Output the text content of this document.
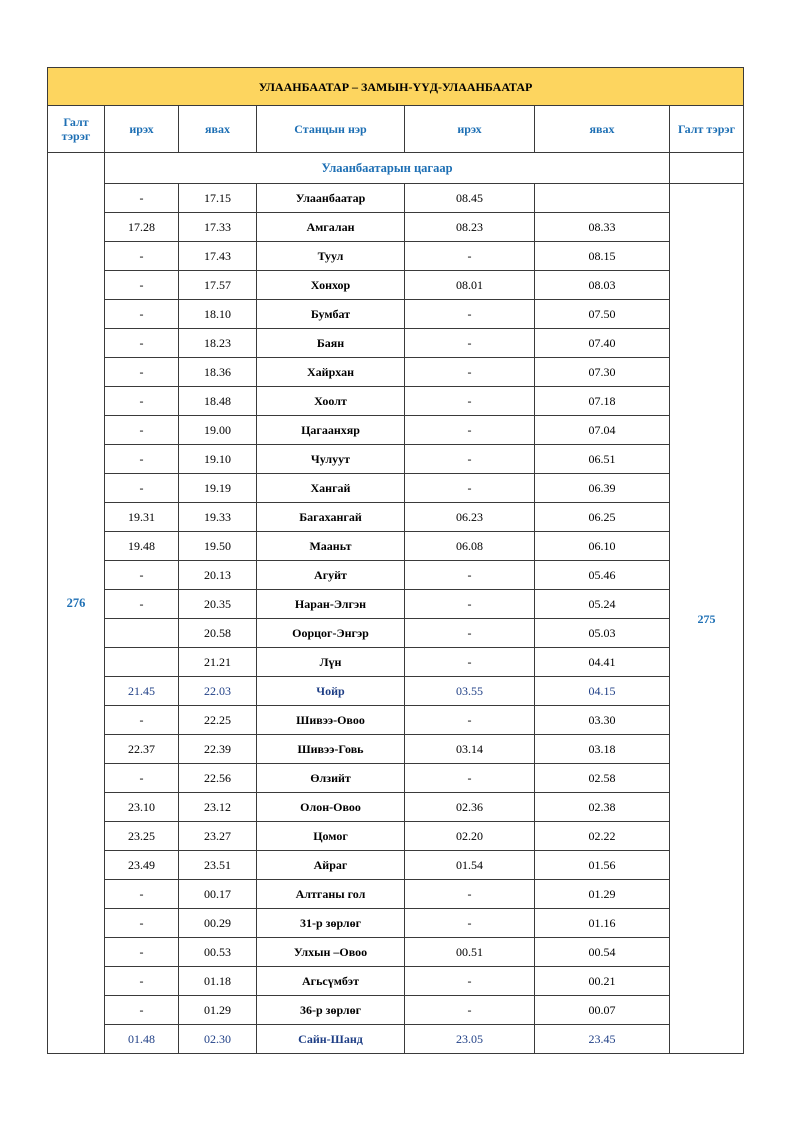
УЛААНБААТАР – ЗАМЫН-ҮҮД-УЛААНБААТАР						
Галт тэрэг	ирэх	явах	Станцын нэр	ирэх	явах	Галт тэрэг
276	Улаанбаатарын цагаар					
	-	17.15	Улаанбаатар	08.45		275
	17.28	17.33	Амгалан	08.23	08.33	
	-	17.43	Туул	-	08.15	
	-	17.57	Хонхор	08.01	08.03	
	-	18.10	Бумбат	-	07.50	
	-	18.23	Баян	-	07.40	
	-	18.36	Хайрхан	-	07.30	
	-	18.48	Хоолт	-	07.18	
	-	19.00	Цагаанхяр	-	07.04	
	-	19.10	Чулуут	-	06.51	
	-	19.19	Хангай	-	06.39	
	19.31	19.33	Багахангай	06.23	06.25	
	19.48	19.50	Мааньт	06.08	06.10	
	-	20.13	Агуйт	-	05.46	
	-	20.35	Наран-Элгэн	-	05.24	
		20.58	Оорцог-Энгэр	-	05.03	
		21.21	Лүн	-	04.41	
	21.45	22.03	Чойр	03.55	04.15	
	-	22.25	Шивээ-Овоо	-	03.30	
	22.37	22.39	Шивээ-Говь	03.14	03.18	
	-	22.56	Өлзийт	-	02.58	
	23.10	23.12	Олон-Овоо	02.36	02.38	
	23.25	23.27	Цомог	02.20	02.22	
	23.49	23.51	Айраг	01.54	01.56	
	-	00.17	Алтганы гол	-	01.29	
	-	00.29	31-р зөрлөг	-	01.16	
	-	00.53	Улхын –Овоо	00.51	00.54	
	-	01.18	Агьсүмбэт	-	00.21	
	-	01.29	36-р зөрлөг	-	00.07	
	01.48	02.30	Сайн-Шанд	23.05	23.45	
